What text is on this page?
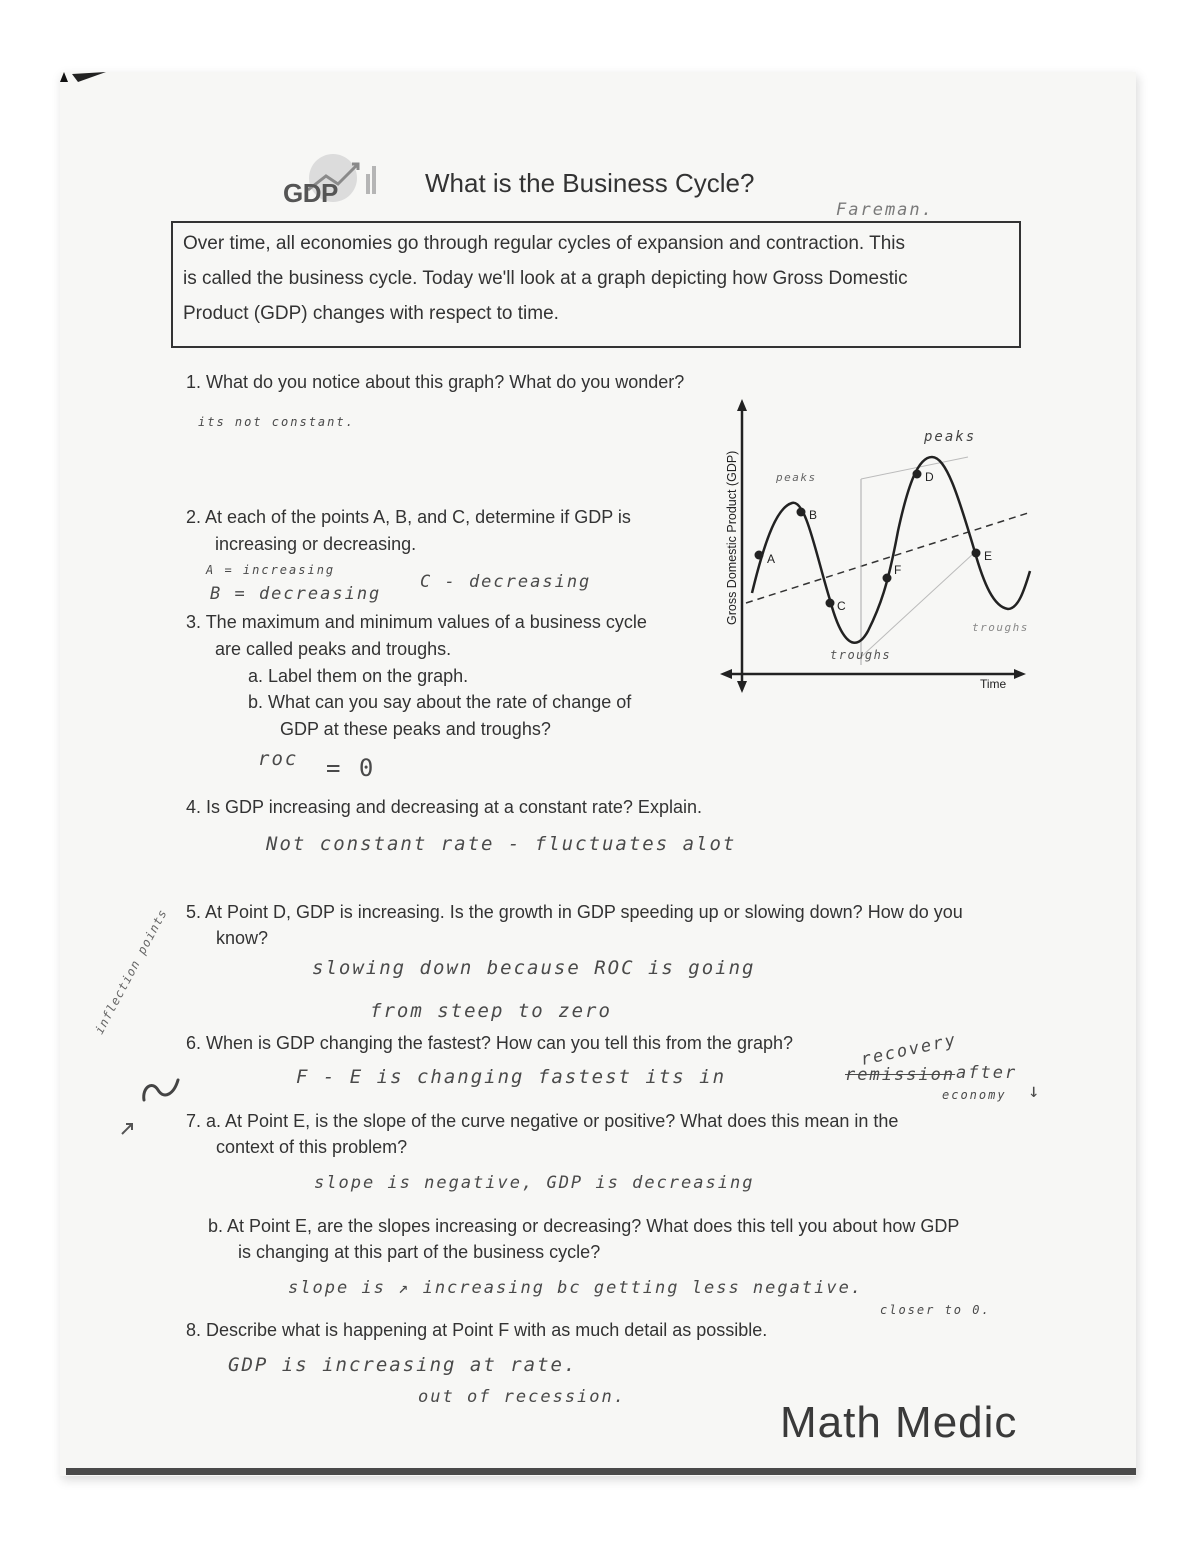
GDP	What is the Business Cycle?
Fareman.
Over time, all economies go through regular cycles of expansion and contraction. This
is called the business cycle. Today we'll look at a graph depicting how Gross Domestic
Product (GDP) changes with respect to time.
1. What do you notice about this graph? What do you wonder?
its not constant.
2. At each of the points A, B, and C, determine if GDP is
increasing or decreasing.
A = increasing
B = decreasing
C - decreasing
3. The maximum and minimum values of a business cycle
are called peaks and troughs.
a. Label them on the graph.
b. What can you say about the rate of change of
GDP at these peaks and troughs?
roc = 0
4. Is GDP increasing and decreasing at a constant rate? Explain.
Not constant rate - fluctuates alot
5. At Point D, GDP is increasing. Is the growth in GDP speeding up or slowing down? How do you
know?
slowing down because ROC is going
from steep to zero
inflection points
6. When is GDP changing the fastest? How can you tell this from the graph?
F - E is changing fastest its in	remission
recovery
after
economy ↓
7. a. At Point E, is the slope of the curve negative or positive? What does this mean in the
context of this problem?
slope is negative, GDP is decreasing
b. At Point E, are the slopes increasing or decreasing? What does this tell you about how GDP
is changing at this part of the business cycle?
slope is ↗ increasing bc getting less negative.
closer to 0.
8. Describe what is happening at Point F with as much detail as possible.
GDP is increasing at rate.
out of recession.
Gross Domestic Product (GDP)
Time
A
B
C
D
E
F
peaks
peaks
troughs
troughs
Math Medic
